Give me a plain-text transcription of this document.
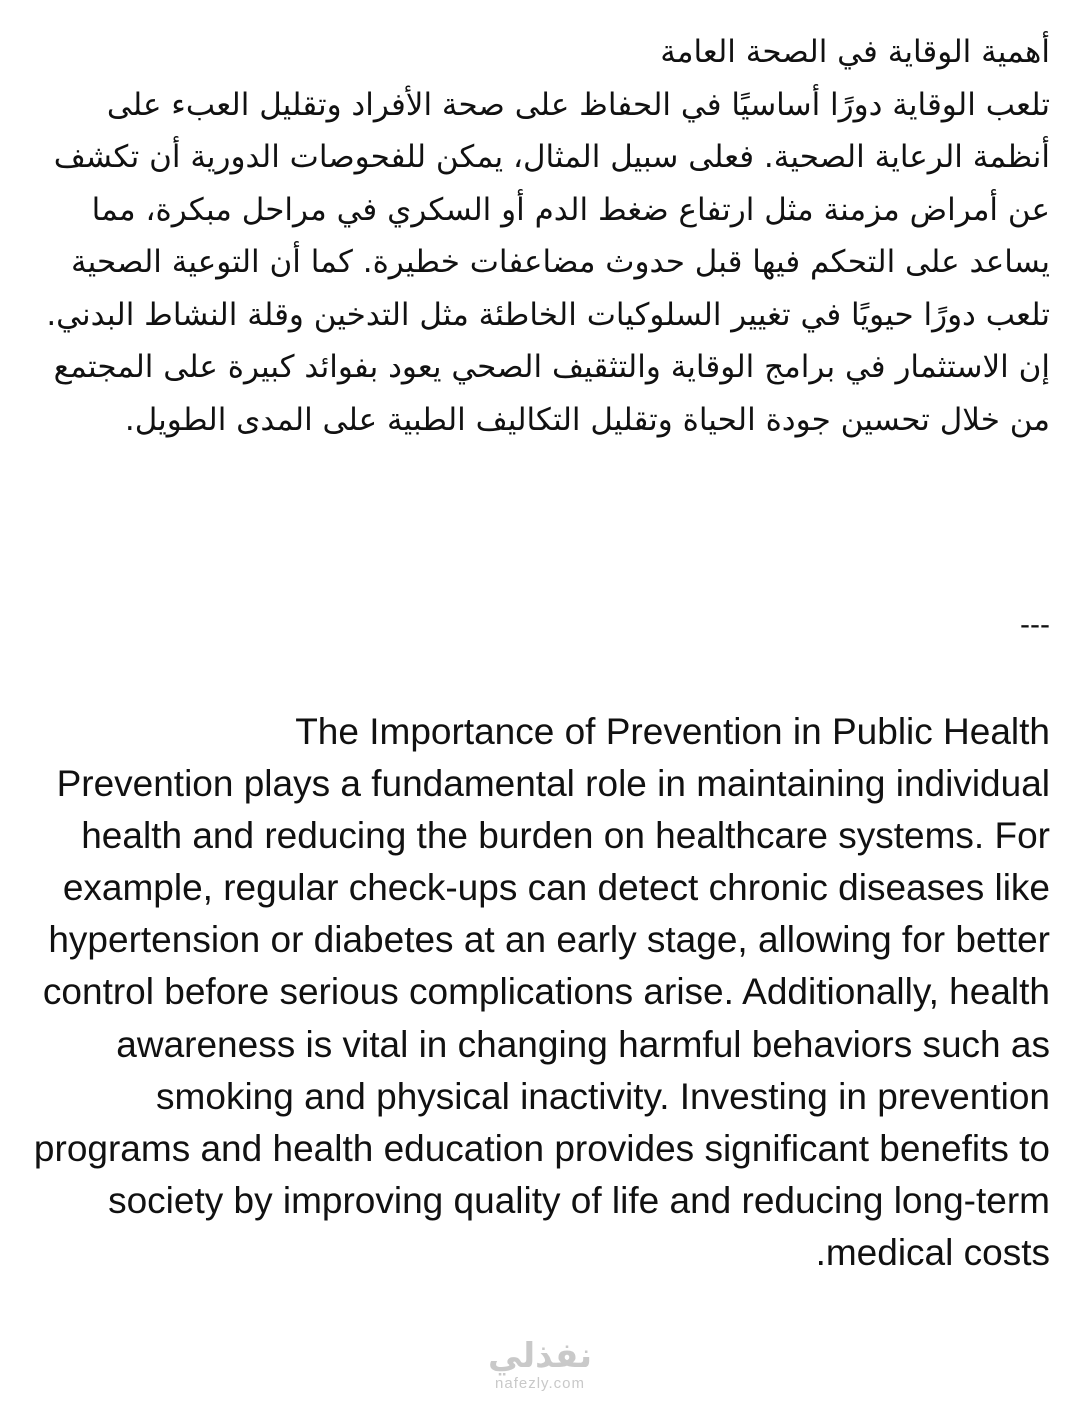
أهمية الوقاية في الصحة العامة

تلعب الوقاية دورًا أساسيًا في الحفاظ على صحة الأفراد وتقليل العبء على أنظمة الرعاية الصحية. فعلى سبيل المثال، يمكن للفحوصات الدورية أن تكشف عن أمراض مزمنة مثل ارتفاع ضغط الدم أو السكري في مراحل مبكرة، مما يساعد على التحكم فيها قبل حدوث مضاعفات خطيرة. كما أن التوعية الصحية تلعب دورًا حيويًا في تغيير السلوكيات الخاطئة مثل التدخين وقلة النشاط البدني. إن الاستثمار في برامج الوقاية والتثقيف الصحي يعود بفوائد كبيرة على المجتمع من خلال تحسين جودة الحياة وتقليل التكاليف الطبية على المدى الطويل.

---

The Importance of Prevention in Public Health

Prevention plays a fundamental role in maintaining individual health and reducing the burden on healthcare systems. For example, regular check-ups can detect chronic diseases like hypertension or diabetes at an early stage, allowing for better control before serious complications arise. Additionally, health awareness is vital in changing harmful behaviors such as smoking and physical inactivity. Investing in prevention programs and health education provides significant benefits to society by improving quality of life and reducing long-term medical costs.

نفذلي
nafezly.com
